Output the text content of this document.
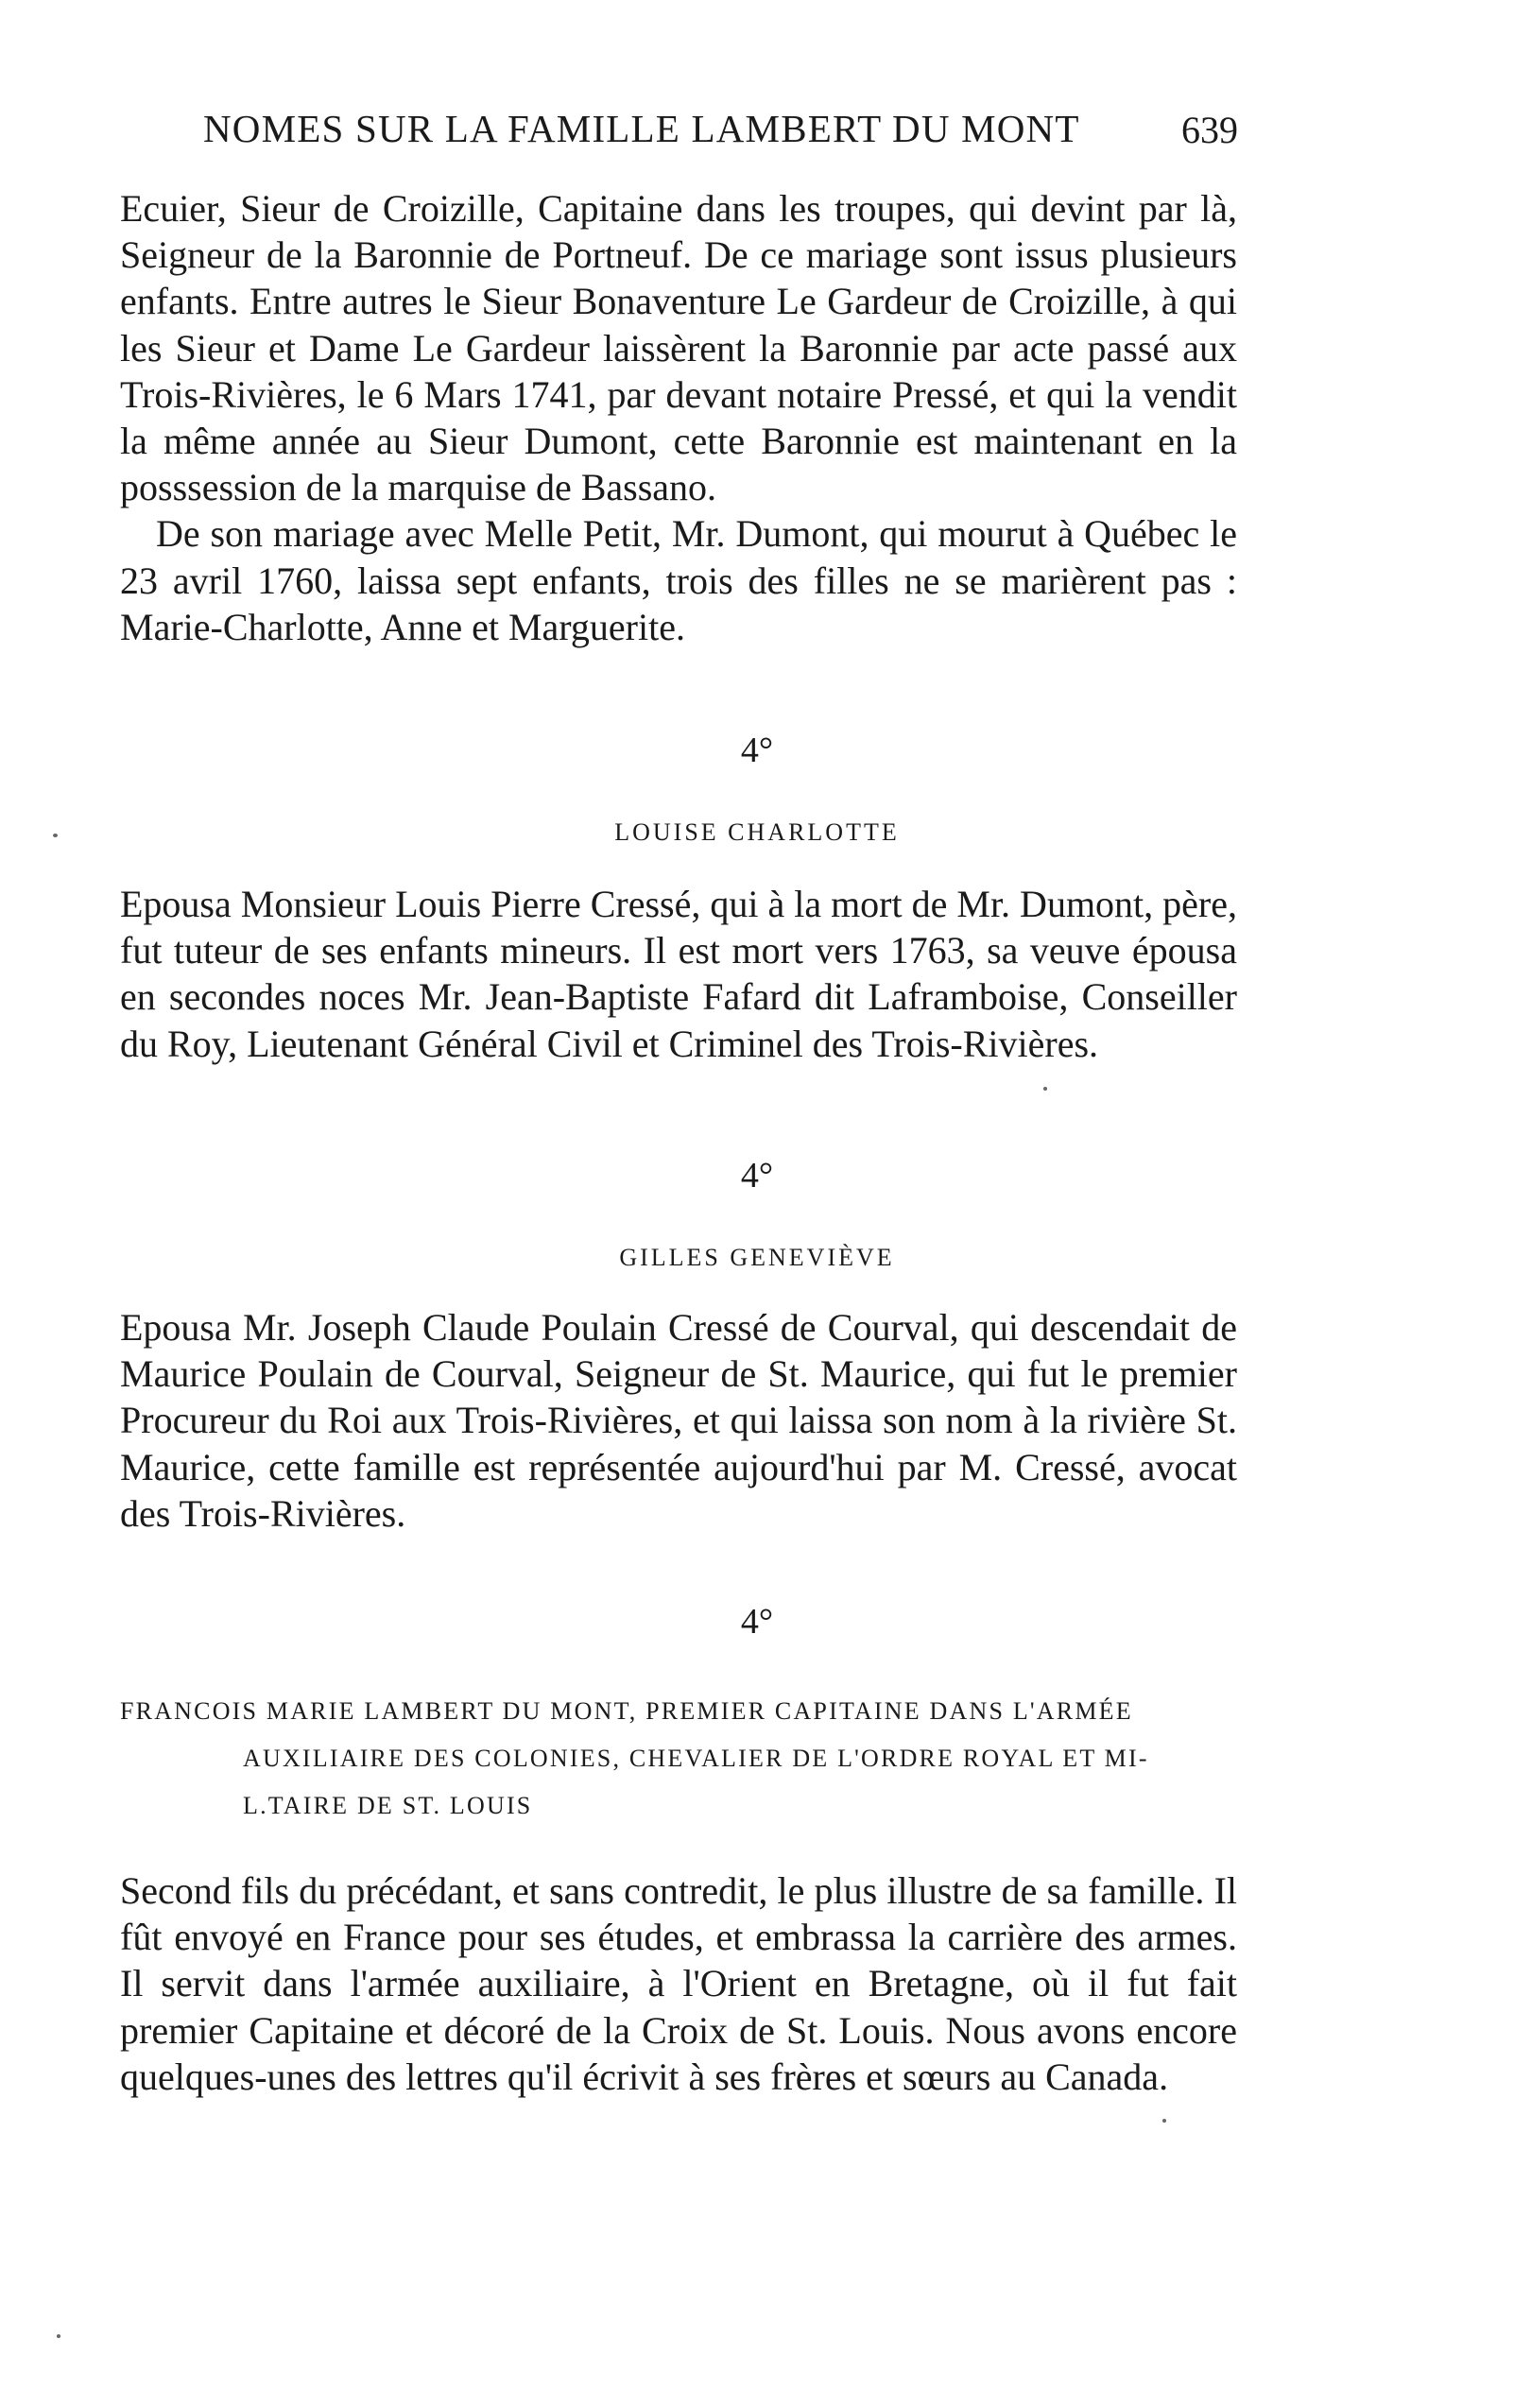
NOMES SUR LA FAMILLE LAMBERT DU MONT	639

Ecuier, Sieur de Croizille, Capitaine dans les troupes, qui devint par là, Seigneur de la Baronnie de Portneuf. De ce mariage sont issus plusieurs enfants. Entre autres le Sieur Bonaventure Le Gardeur de Croizille, à qui les Sieur et Dame Le Gardeur laissèrent la Baronnie par acte passé aux Trois-Rivières, le 6 Mars 1741, par devant notaire Pressé, et qui la vendit la même année au Sieur Dumont, cette Baronnie est maintenant en la posssession de la marquise de Bassano.

De son mariage avec Melle Petit, Mr. Dumont, qui mourut à Québec le 23 avril 1760, laissa sept enfants, trois des filles ne se marièrent pas : Marie-Charlotte, Anne et Marguerite.

4°
LOUISE CHARLOTTE

Epousa Monsieur Louis Pierre Cressé, qui à la mort de Mr. Dumont, père, fut tuteur de ses enfants mineurs. Il est mort vers 1763, sa veuve épousa en secondes noces Mr. Jean-Baptiste Fafard dit Laframboise, Conseiller du Roy, Lieutenant Général Civil et Criminel des Trois-Rivières.

4°
GILLES GENEVIÈVE

Epousa Mr. Joseph Claude Poulain Cressé de Courval, qui descendait de Maurice Poulain de Courval, Seigneur de St. Maurice, qui fut le premier Procureur du Roi aux Trois-Rivières, et qui laissa son nom à la rivière St. Maurice, cette famille est représentée aujourd'hui par M. Cressé, avocat des Trois-Rivières.

4°
FRANCOIS MARIE LAMBERT DU MONT, PREMIER CAPITAINE DANS L'ARMÉE
AUXILIAIRE DES COLONIES, CHEVALIER DE L'ORDRE ROYAL ET MI-
L.TAIRE DE ST. LOUIS

Second fils du précédant, et sans contredit, le plus illustre de sa famille. Il fût envoyé en France pour ses études, et embrassa la carrière des armes. Il servit dans l'armée auxiliaire, à l'Orient en Bretagne, où il fut fait premier Capitaine et décoré de la Croix de St. Louis. Nous avons encore quelques-unes des lettres qu'il écrivit à ses frères et sœurs au Canada.
